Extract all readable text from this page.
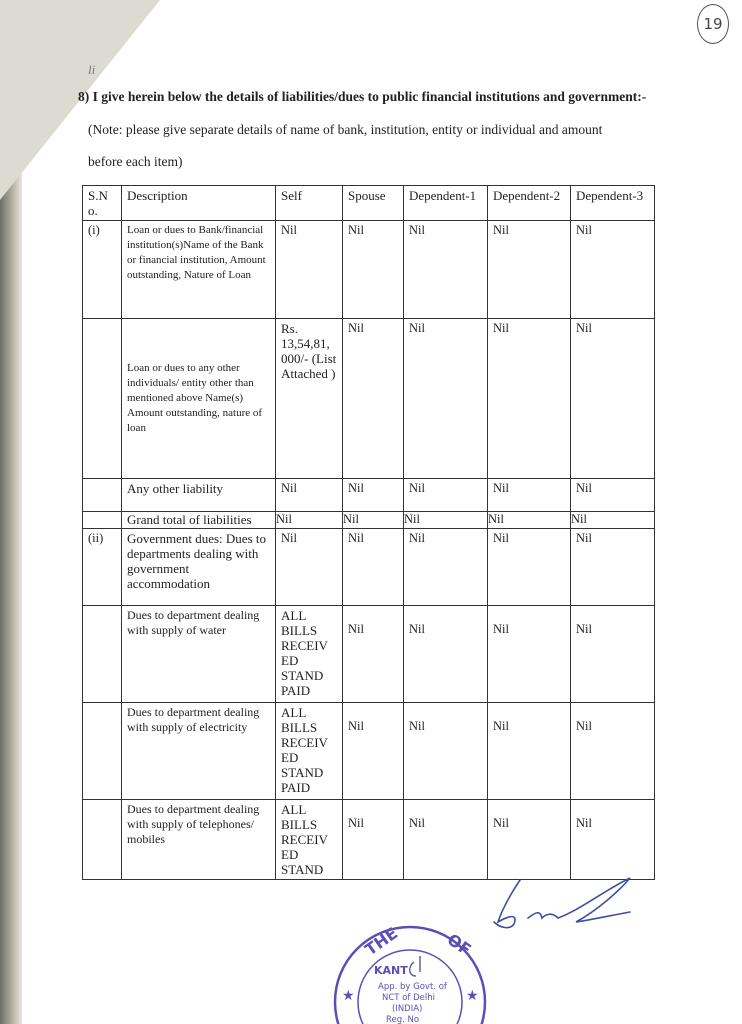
19
li
8) I give herein below the details of liabilities/dues to public financial institutions and government:-
(Note: please give separate details of name of bank, institution, entity or individual and amount
before each item)
S.N o.	Description	Self	Spouse	Dependent-1	Dependent-2	Dependent-3
(i)	Loan or dues to Bank/financial institution(s)Name of the Bank or financial institution, Amount outstanding, Nature of Loan	Nil	Nil	Nil	Nil	Nil
	Loan or dues to any other individuals/ entity other than mentioned above Name(s) Amount outstanding, nature of loan	Rs. 13,54,81, 000/- (List Attached )	Nil	Nil	Nil	Nil
	Any other liability	Nil	Nil	Nil	Nil	Nil
	Grand total of liabilities	Nil	Nil	Nil	Nil	Nil
(ii)	Government dues: Dues to departments dealing with government accommodation	Nil	Nil	Nil	Nil	Nil
	Dues to department dealing with supply of water	ALL BILLS RECEIV ED STAND PAID	Nil	Nil	Nil	Nil
	Dues to department dealing with supply of electricity	ALL BILLS RECEIV ED STAND PAID	Nil	Nil	Nil	Nil
	Dues to department dealing with supply of telephones/ mobiles	ALL BILLS RECEIV ED STAND	Nil	Nil	Nil	Nil
THE	OF
★	★
KANT
App. by Govt. of
NCT of Delhi
(INDIA)
Reg. No
